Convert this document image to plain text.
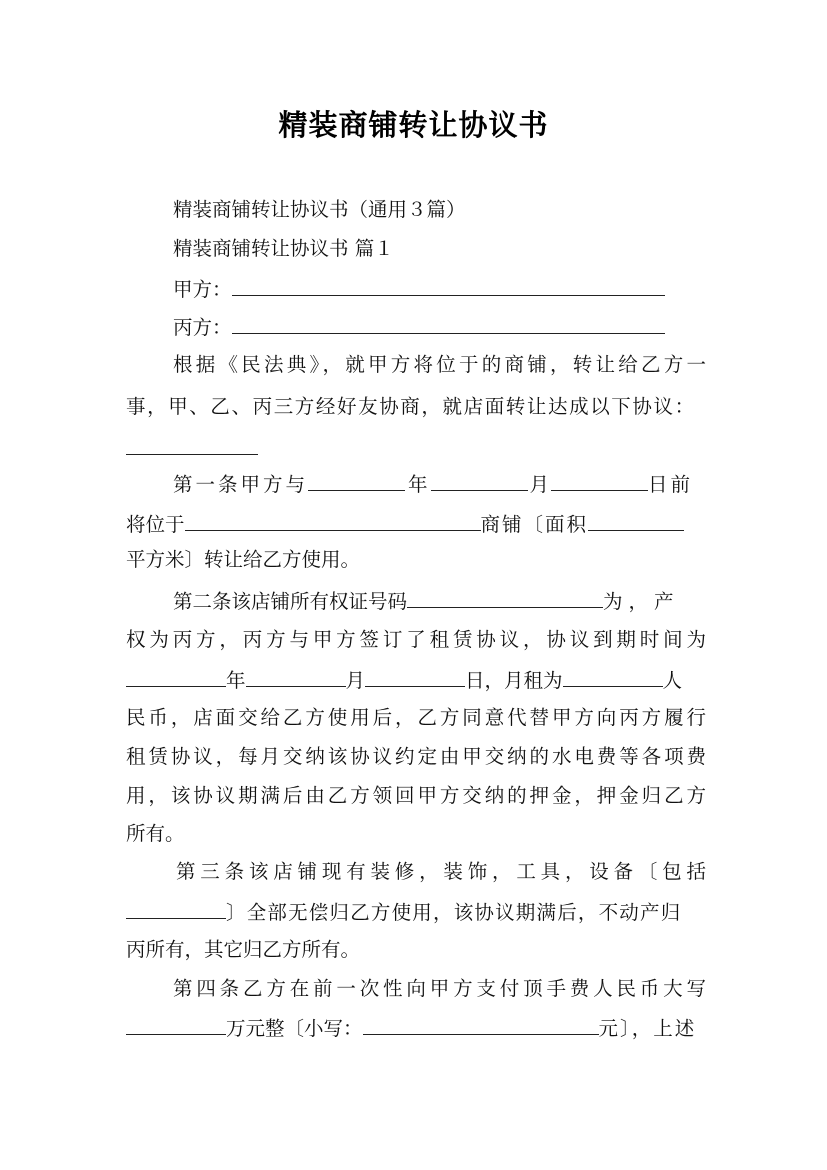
精装商铺转让协议书
精装商铺转让协议书（通用３篇）
精装商铺转让协议书 篇１
甲方：
丙方：
根据《民法典》，就甲方将位于的商铺，转让给乙方一
事，甲、乙、丙三方经好友协商，就店面转让达成以下协议：
第一条甲方与	年	月	日前
将位于	商铺〔面积
平方米〕转让给乙方使用。
第二条该店铺所有权证号码	为，产
权为丙方，丙方与甲方签订了租赁协议，协议到期时间为
年	月	日，月租为	人
民币，店面交给乙方使用后，乙方同意代替甲方向丙方履行
租赁协议，每月交纳该协议约定由甲交纳的水电费等各项费
用，该协议期满后由乙方领回甲方交纳的押金，押金归乙方
所有。
第三条该店铺现有装修，装饰，工具，设备〔包括
〕全部无偿归乙方使用，该协议期满后，不动产归
丙所有，其它归乙方所有。
第四条乙方在前一次性向甲方支付顶手费人民币大写
万元整〔小写：	元〕，上述
